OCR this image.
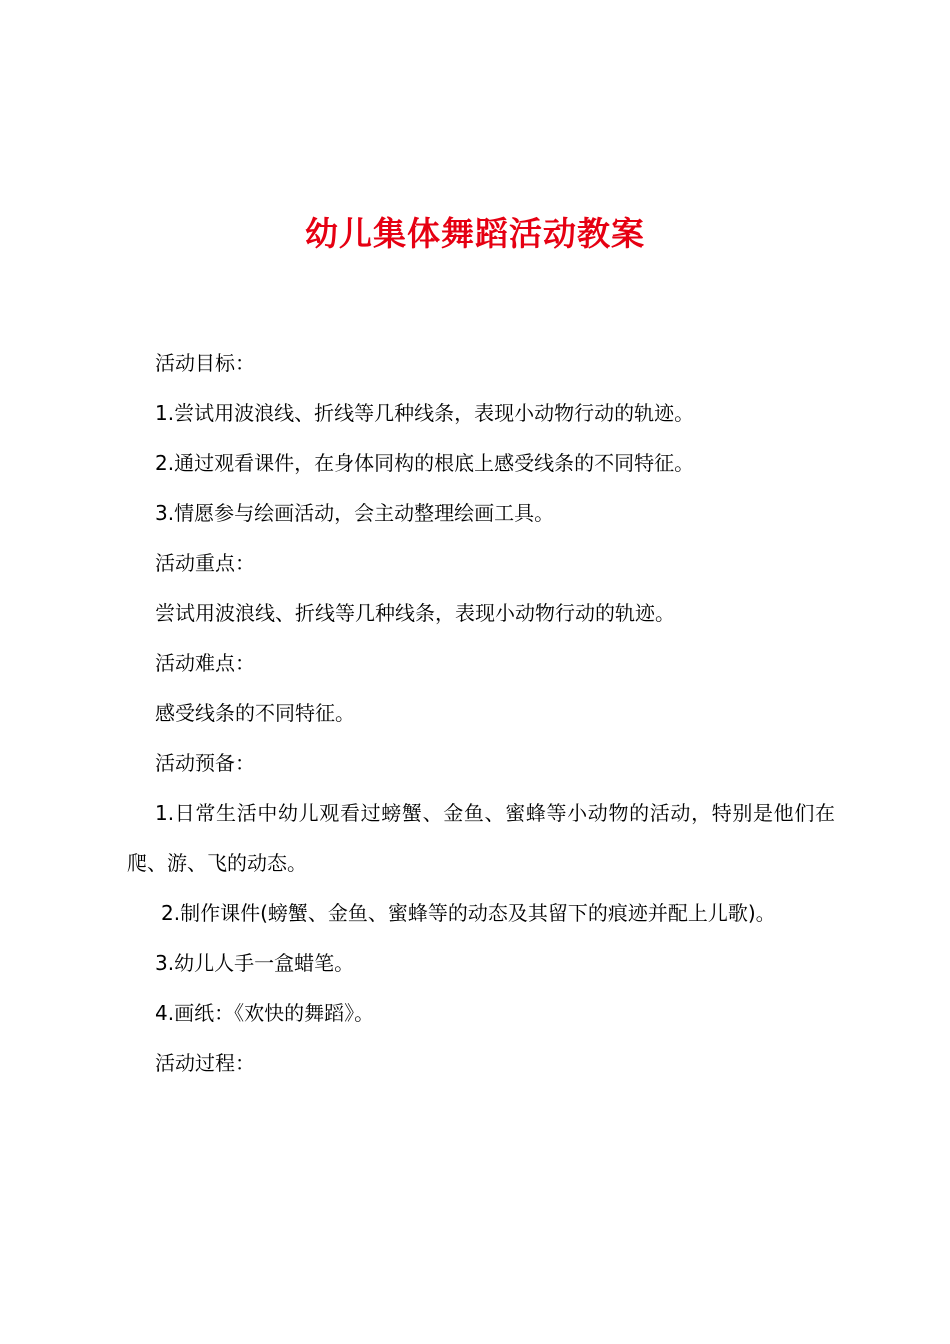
幼儿集体舞蹈活动教案

活动目标：

1.尝试用波浪线、折线等几种线条，表现小动物行动的轨迹。

2.通过观看课件，在身体同构的根底上感受线条的不同特征。

3.情愿参与绘画活动，会主动整理绘画工具。

活动重点：

尝试用波浪线、折线等几种线条，表现小动物行动的轨迹。

活动难点：

感受线条的不同特征。

活动预备：

1.日常生活中幼儿观看过螃蟹、金鱼、蜜蜂等小动物的活动，特别是他们在爬、游、飞的动态。

2.制作课件(螃蟹、金鱼、蜜蜂等的动态及其留下的痕迹并配上儿歌)。

3.幼儿人手一盒蜡笔。

4.画纸：《欢快的舞蹈》。

活动过程：
